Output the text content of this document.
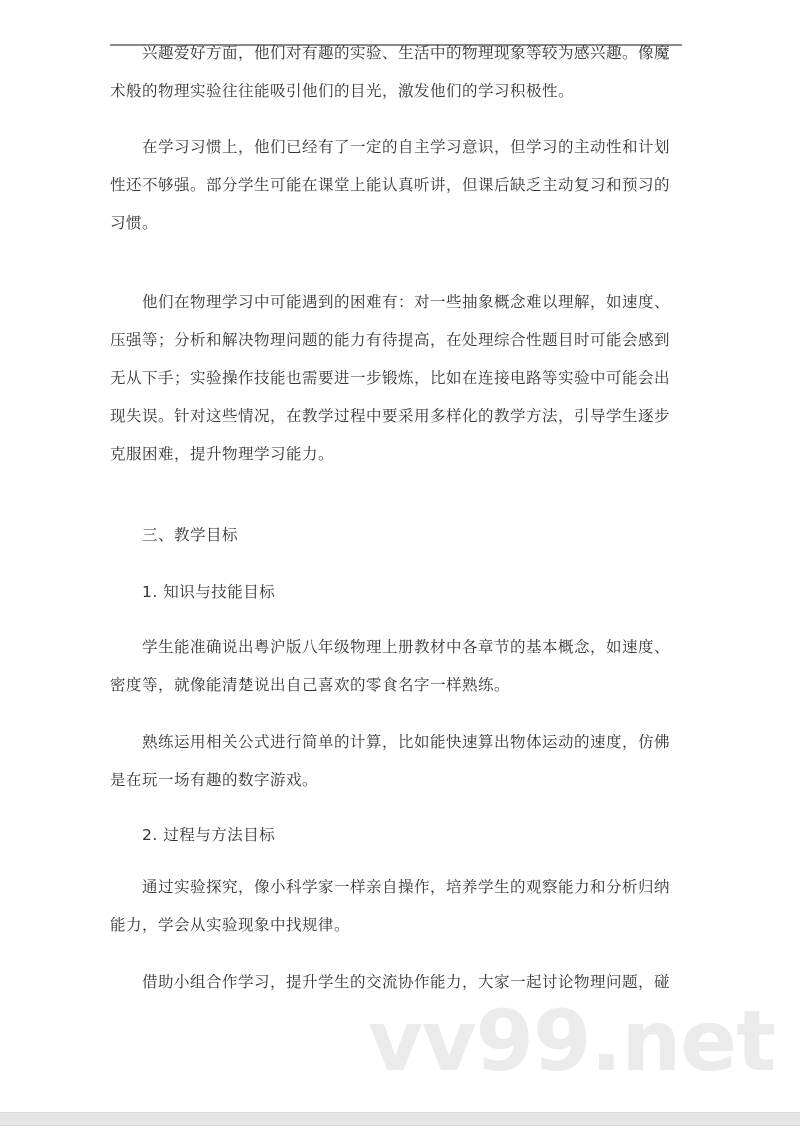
兴趣爱好方面，他们对有趣的实验、生活中的物理现象等较为感兴趣。像魔
术般的物理实验往往能吸引他们的目光，激发他们的学习积极性。
在学习习惯上，他们已经有了一定的自主学习意识，但学习的主动性和计划
性还不够强。部分学生可能在课堂上能认真听讲，但课后缺乏主动复习和预习的
习惯。
他们在物理学习中可能遇到的困难有：对一些抽象概念难以理解，如速度、
压强等；分析和解决物理问题的能力有待提高，在处理综合性题目时可能会感到
无从下手；实验操作技能也需要进一步锻炼，比如在连接电路等实验中可能会出
现失误。针对这些情况，在教学过程中要采用多样化的教学方法，引导学生逐步
克服困难，提升物理学习能力。
三、教学目标
1. 知识与技能目标
学生能准确说出粤沪版八年级物理上册教材中各章节的基本概念，如速度、
密度等，就像能清楚说出自己喜欢的零食名字一样熟练。
熟练运用相关公式进行简单的计算，比如能快速算出物体运动的速度，仿佛
是在玩一场有趣的数字游戏。
2. 过程与方法目标
通过实验探究，像小科学家一样亲自操作，培养学生的观察能力和分析归纳
能力，学会从实验现象中找规律。
借助小组合作学习，提升学生的交流协作能力，大家一起讨论物理问题，碰
vv99.net
